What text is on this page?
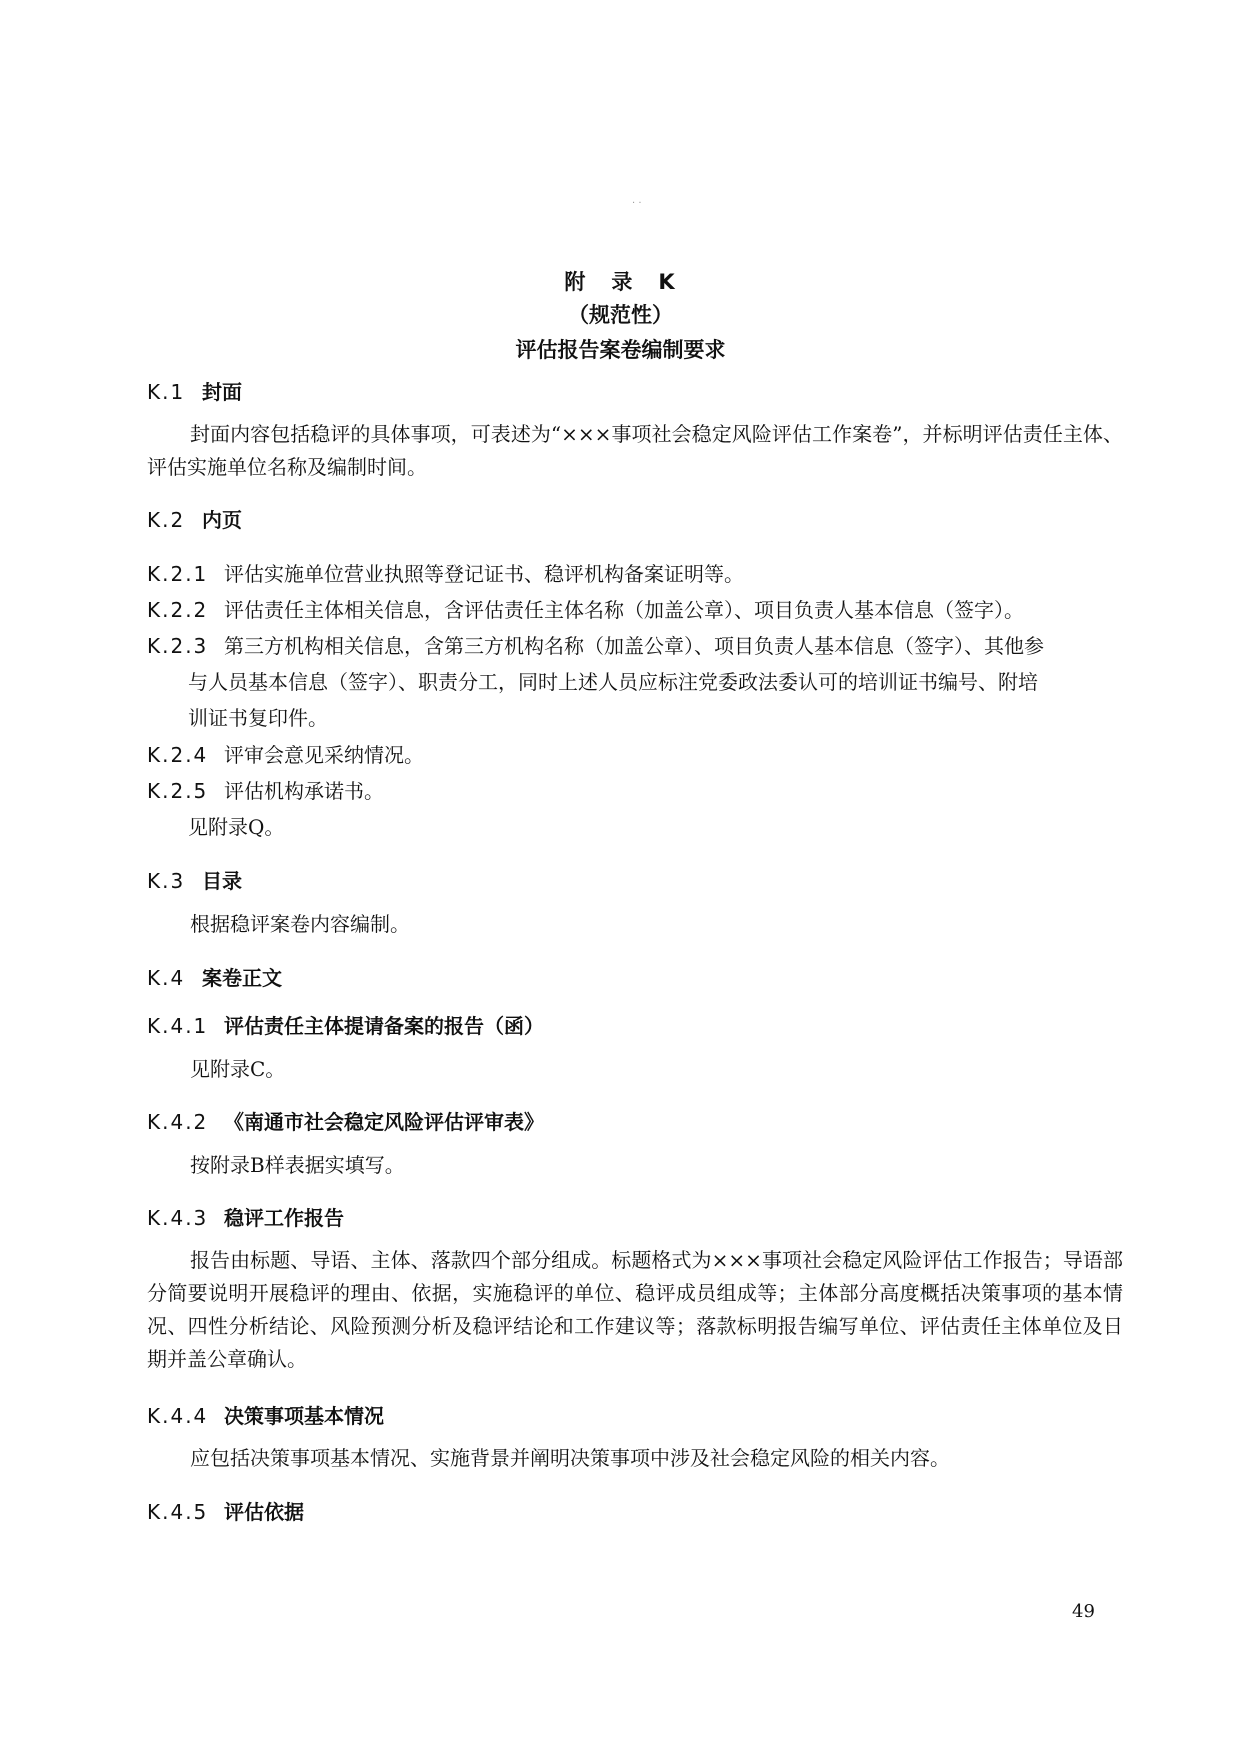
· ·
附 录 K
（规范性）
评估报告案卷编制要求
K.1 封面

封面内容包括稳评的具体事项，可表述为“×××事项社会稳定风险评估工作案卷”，并标明评估责任主体、评估实施单位名称及编制时间。

K.2 内页
K.2.1 评估实施单位营业执照等登记证书、稳评机构备案证明等。
K.2.2 评估责任主体相关信息，含评估责任主体名称（加盖公章）、项目负责人基本信息（签字）。
K.2.3 第三方机构相关信息，含第三方机构名称（加盖公章）、项目负责人基本信息（签字）、其他参
与人员基本信息（签字）、职责分工，同时上述人员应标注党委政法委认可的培训证书编号、附培
训证书复印件。
K.2.4 评审会意见采纳情况。
K.2.5 评估机构承诺书。
见附录Q。
K.3 目录

根据稳评案卷内容编制。

K.4 案卷正文
K.4.1 评估责任主体提请备案的报告（函）

见附录C。

K.4.2 《南通市社会稳定风险评估评审表》

按附录B样表据实填写。

K.4.3 稳评工作报告

报告由标题、导语、主体、落款四个部分组成。标题格式为×××事项社会稳定风险评估工作报告；导语部分简要说明开展稳评的理由、依据，实施稳评的单位、稳评成员组成等；主体部分高度概括决策事项的基本情况、四性分析结论、风险预测分析及稳评结论和工作建议等；落款标明报告编写单位、评估责任主体单位及日期并盖公章确认。

K.4.4 决策事项基本情况

应包括决策事项基本情况、实施背景并阐明决策事项中涉及社会稳定风险的相关内容。

K.4.5 评估依据
49
